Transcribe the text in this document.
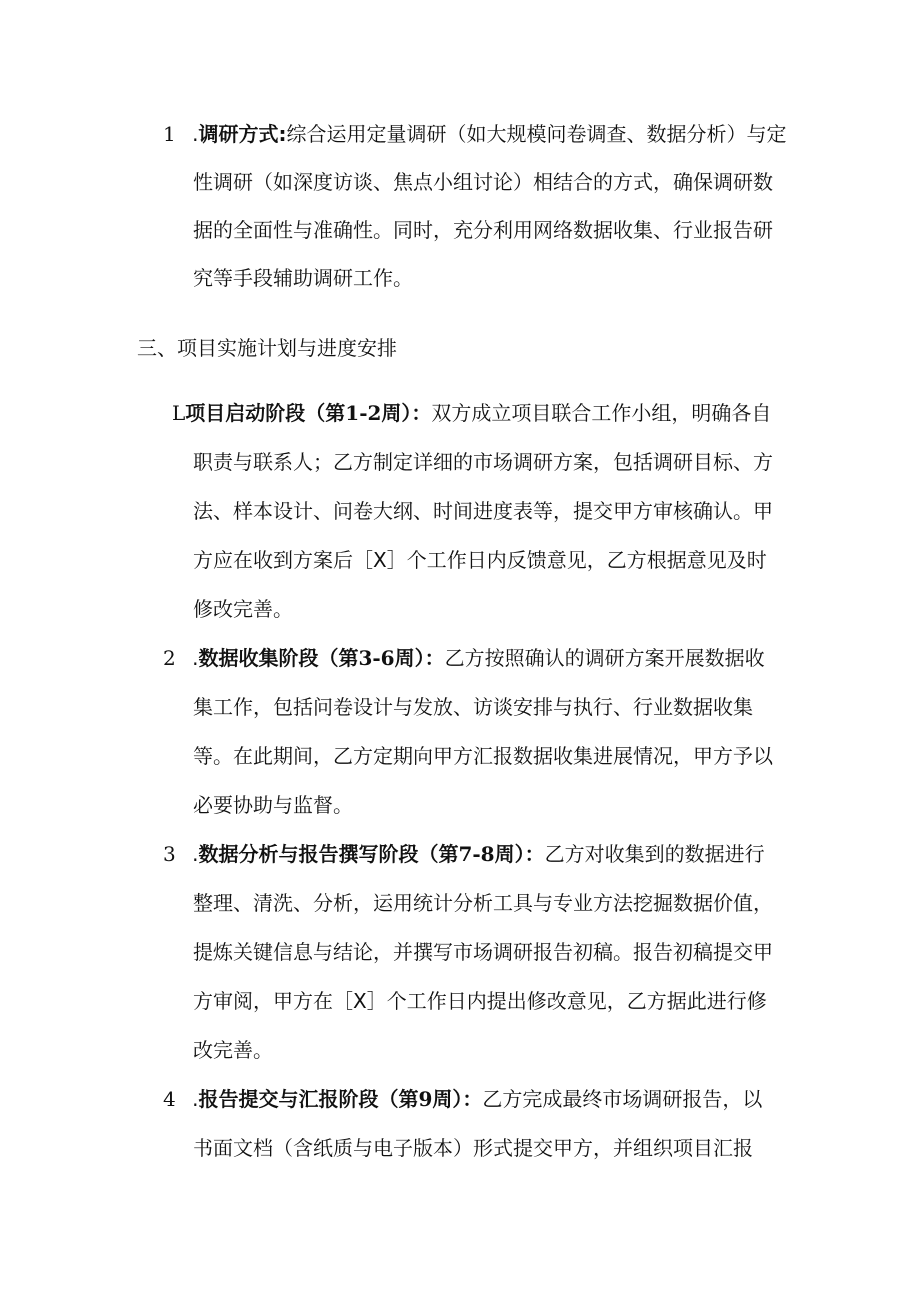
1 .调研方式:综合运用定量调研（如大规模问卷调查、数据分析）与定
性调研（如深度访谈、焦点小组讨论）相结合的方式，确保调研数
据的全面性与准确性。同时，充分利用网络数据收集、行业报告研
究等手段辅助调研工作。
三、项目实施计划与进度安排
L项目启动阶段（第1-2周）：双方成立项目联合工作小组，明确各自
职责与联系人；乙方制定详细的市场调研方案，包括调研目标、方
法、样本设计、问卷大纲、时间进度表等，提交甲方审核确认。甲
方应在收到方案后［X］个工作日内反馈意见，乙方根据意见及时
修改完善。
2 .数据收集阶段（第3-6周）：乙方按照确认的调研方案开展数据收
集工作，包括问卷设计与发放、访谈安排与执行、行业数据收集
等。在此期间，乙方定期向甲方汇报数据收集进展情况，甲方予以
必要协助与监督。
3 .数据分析与报告撰写阶段（第7-8周）：乙方对收集到的数据进行
整理、清洗、分析，运用统计分析工具与专业方法挖掘数据价值，
提炼关键信息与结论，并撰写市场调研报告初稿。报告初稿提交甲
方审阅，甲方在［X］个工作日内提出修改意见，乙方据此进行修
改完善。
4 .报告提交与汇报阶段（第9周）：乙方完成最终市场调研报告，以
书面文档（含纸质与电子版本）形式提交甲方，并组织项目汇报
